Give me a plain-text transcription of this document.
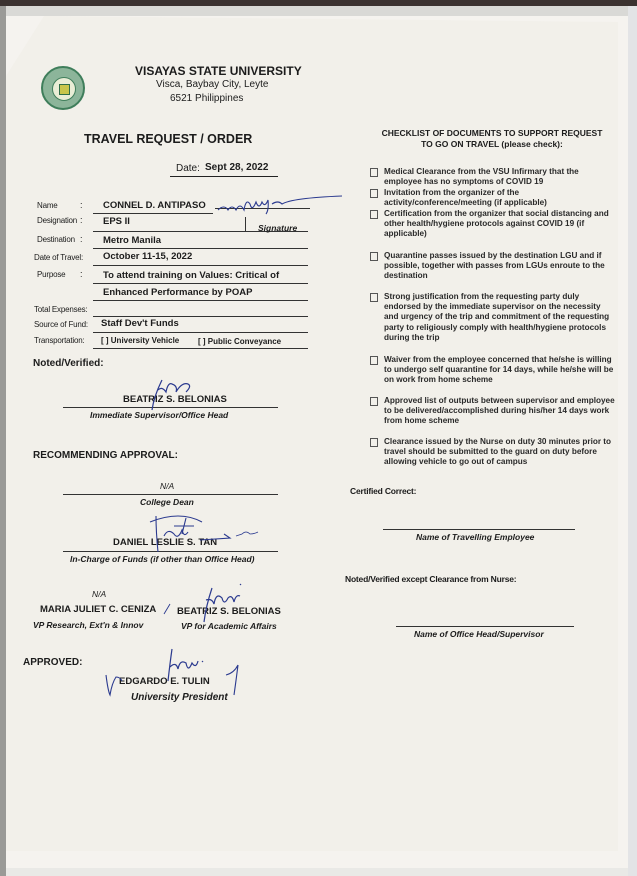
VISAYAS STATE UNIVERSITY
Visca, Baybay City, Leyte
6521 Philippines
TRAVEL REQUEST / ORDER
Date: Sept 28, 2022
Name : CONNEL D. ANTIPASO
Designation : EPS II
Signature
Destination : Metro Manila
Date of Travel: October 11-15, 2022
Purpose : To attend training on Values: Critical of
Enhanced Performance by POAP
Total Expenses:
Source of Fund: Staff Dev't Funds
Transportation: [ ] University Vehicle [ ] Public Conveyance
Noted/Verified:
BEATRIZ S. BELONIAS
Immediate Supervisor/Office Head
RECOMMENDING APPROVAL:
N/A
College Dean
DANIEL LESLIE S. TAN
In-Charge of Funds (if other than Office Head)
N/A
MARIA JULIET C. CENIZA
VP Research, Ext'n & Innov
BEATRIZ S. BELONIAS
VP for Academic Affairs
APPROVED:
EDGARDO E. TULIN
University President
CHECKLIST OF DOCUMENTS TO SUPPORT REQUEST
TO GO ON TRAVEL (please check):
Medical Clearance from the VSU Infirmary that the employee has no symptoms of COVID 19
Invitation from the organizer of the activity/conference/meeting (if applicable)
Certification from the organizer that social distancing and other health/hygiene protocols against COVID 19 (if applicable)
Quarantine passes issued by the destination LGU and if possible, together with passes from LGUs enroute to the destination
Strong justification from the requesting party duly endorsed by the immediate supervisor on the necessity and urgency of the trip and commitment of the requesting party to religiously comply with health/hygiene protocols during the trip
Waiver from the employee concerned that he/she is willing to undergo self quarantine for 14 days, while he/she will be on work from home scheme
Approved list of outputs between supervisor and employee to be delivered/accomplished during his/her 14 days work from home scheme
Clearance issued by the Nurse on duty 30 minutes prior to travel should be submitted to the guard on duty before allowing vehicle to go out of campus
Certified Correct:
Name of Travelling Employee
Noted/Verified except Clearance from Nurse:
Name of Office Head/Supervisor
